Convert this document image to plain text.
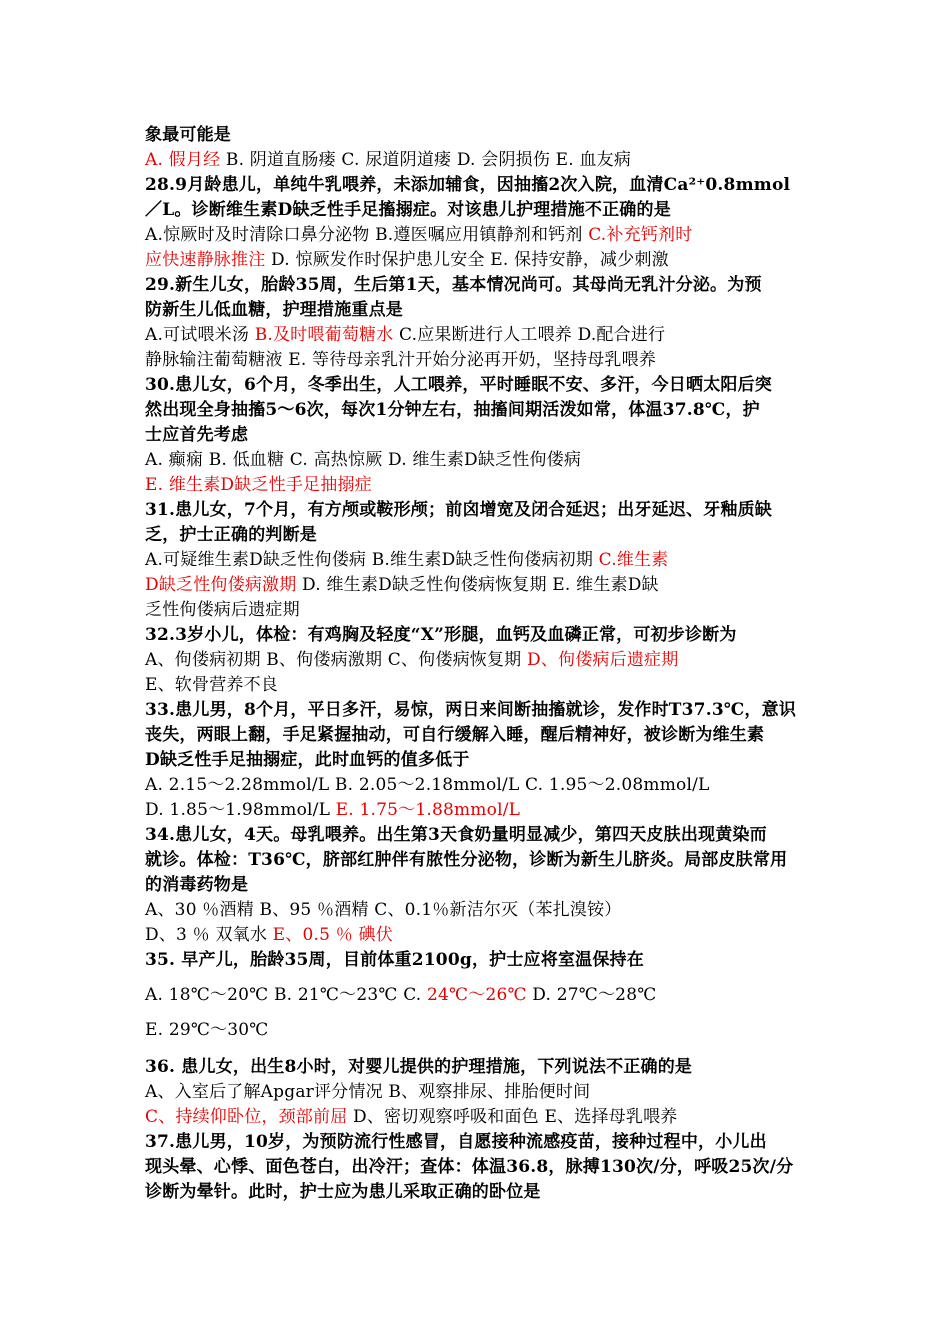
象最可能是
A. 假月经 B. 阴道直肠瘘 C. 尿道阴道瘘 D. 会阴损伤 E. 血友病
28.9月龄患儿，单纯牛乳喂养，未添加辅食，因抽搐2次入院，血清Ca²⁺0.8mmol
／L。诊断维生素D缺乏性手足搐搦症。对该患儿护理措施不正确的是
A.惊厥时及时清除口鼻分泌物 B.遵医嘱应用镇静剂和钙剂 C.补充钙剂时
应快速静脉推注 D. 惊厥发作时保护患儿安全 E. 保持安静，减少刺激
29.新生儿女，胎龄35周，生后第1天，基本情况尚可。其母尚无乳汁分泌。为预
防新生儿低血糖，护理措施重点是
A.可试喂米汤 B.及时喂葡萄糖水 C.应果断进行人工喂养 D.配合进行
静脉输注葡萄糖液 E. 等待母亲乳汁开始分泌再开奶，坚持母乳喂养
30.患儿女，6个月，冬季出生，人工喂养，平时睡眠不安、多汗，今日晒太阳后突
然出现全身抽搐5～6次，每次1分钟左右，抽搐间期活泼如常，体温37.8℃，护
士应首先考虑
A. 癫痫 B. 低血糖 C. 高热惊厥 D. 维生素D缺乏性佝偻病
E. 维生素D缺乏性手足抽搦症
31.患儿女，7个月，有方颅或鞍形颅；前囟增宽及闭合延迟；出牙延迟、牙釉质缺
乏，护士正确的判断是
A.可疑维生素D缺乏性佝偻病 B.维生素D缺乏性佝偻病初期 C.维生素
D缺乏性佝偻病激期 D. 维生素D缺乏性佝偻病恢复期 E. 维生素D缺
乏性佝偻病后遗症期
32.3岁小儿，体检：有鸡胸及轻度“X”形腿，血钙及血磷正常，可初步诊断为
A、佝偻病初期 B、佝偻病激期 C、佝偻病恢复期 D、佝偻病后遗症期
E、软骨营养不良
33.患儿男，8个月，平日多汗，易惊，两日来间断抽搐就诊，发作时T37.3℃，意识
丧失，两眼上翻，手足紧握抽动，可自行缓解入睡，醒后精神好，被诊断为维生素
D缺乏性手足抽搦症，此时血钙的值多低于
A. 2.15～2.28mmol/L B. 2.05～2.18mmol/L C. 1.95～2.08mmol/L
D. 1.85～1.98mmol/L E. 1.75～1.88mmol/L
34.患儿女，4天。母乳喂养。出生第3天食奶量明显减少，第四天皮肤出现黄染而
就诊。体检：T36℃，脐部红肿伴有脓性分泌物，诊断为新生儿脐炎。局部皮肤常用
的消毒药物是
A、30 ％酒精 B、95 ％酒精 C、0.1％新洁尔灭（苯扎溴铵）
D、3 ％ 双氧水 E、0.5 ％ 碘伏
35. 早产儿，胎龄35周，目前体重2100g，护士应将室温保持在
A. 18℃～20℃ B. 21℃～23℃ C. 24℃～26℃ D. 27℃～28℃
E. 29℃～30℃
36. 患儿女，出生8小时，对婴儿提供的护理措施，下列说法不正确的是
A、入室后了解Apgar评分情况 B、观察排尿、排胎便时间
C、持续仰卧位，颈部前屈 D、密切观察呼吸和面色 E、选择母乳喂养
37.患儿男，10岁，为预防流行性感冒，自愿接种流感疫苗，接种过程中，小儿出
现头晕、心悸、面色苍白，出冷汗；查体：体温36.8，脉搏130次/分，呼吸25次/分
诊断为晕针。此时，护士应为患儿采取正确的卧位是
